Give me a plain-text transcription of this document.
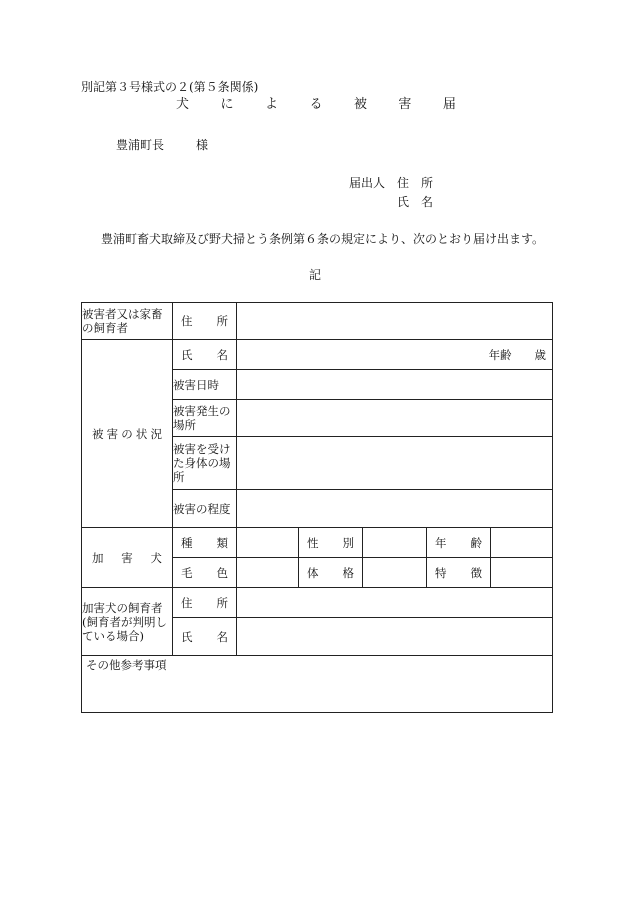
別記第３号様式の２(第５条関係)
犬 に よ る 被 害 届
豊浦町長	様
届出人 住　所
氏　名
豊浦町畜犬取締及び野犬掃とう条例第６条の規定により、次のとおり届け出ます。
記
被害者又は家畜の飼育者	住 所					

被 害 の 状 況	氏 名	年齢　　歳				
	被害日時					
	被害発生の場所					
	被害を受けた身体の場所					
	被害の程度					

加 害 犬	種 類		性 別		年 齢	

	毛 色		体 格		特 徴	

加害犬の飼育者(飼育者が判明している場合)	住 所					

	氏 名					

その他参考事項						
